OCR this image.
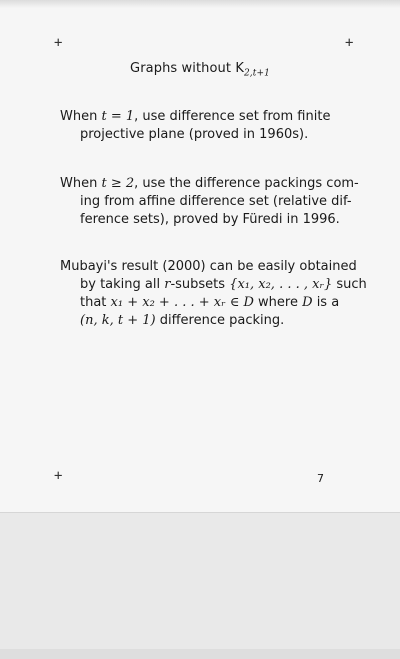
+	+
+
Graphs without $K_{2,t+1}$

When t = 1, use difference set from finite
projective plane (proved in 1960s).

When t ≥ 2, use the difference packings com-
ing from affine difference set (relative dif-
ference sets), proved by Füredi in 1996.

Mubayi's result (2000) can be easily obtained
by taking all r-subsets {x₁, x₂, . . . , xᵣ} such
that x₁ + x₂ + . . . + xᵣ ∈ D where D is a
(n, k, t + 1) difference packing.

7
